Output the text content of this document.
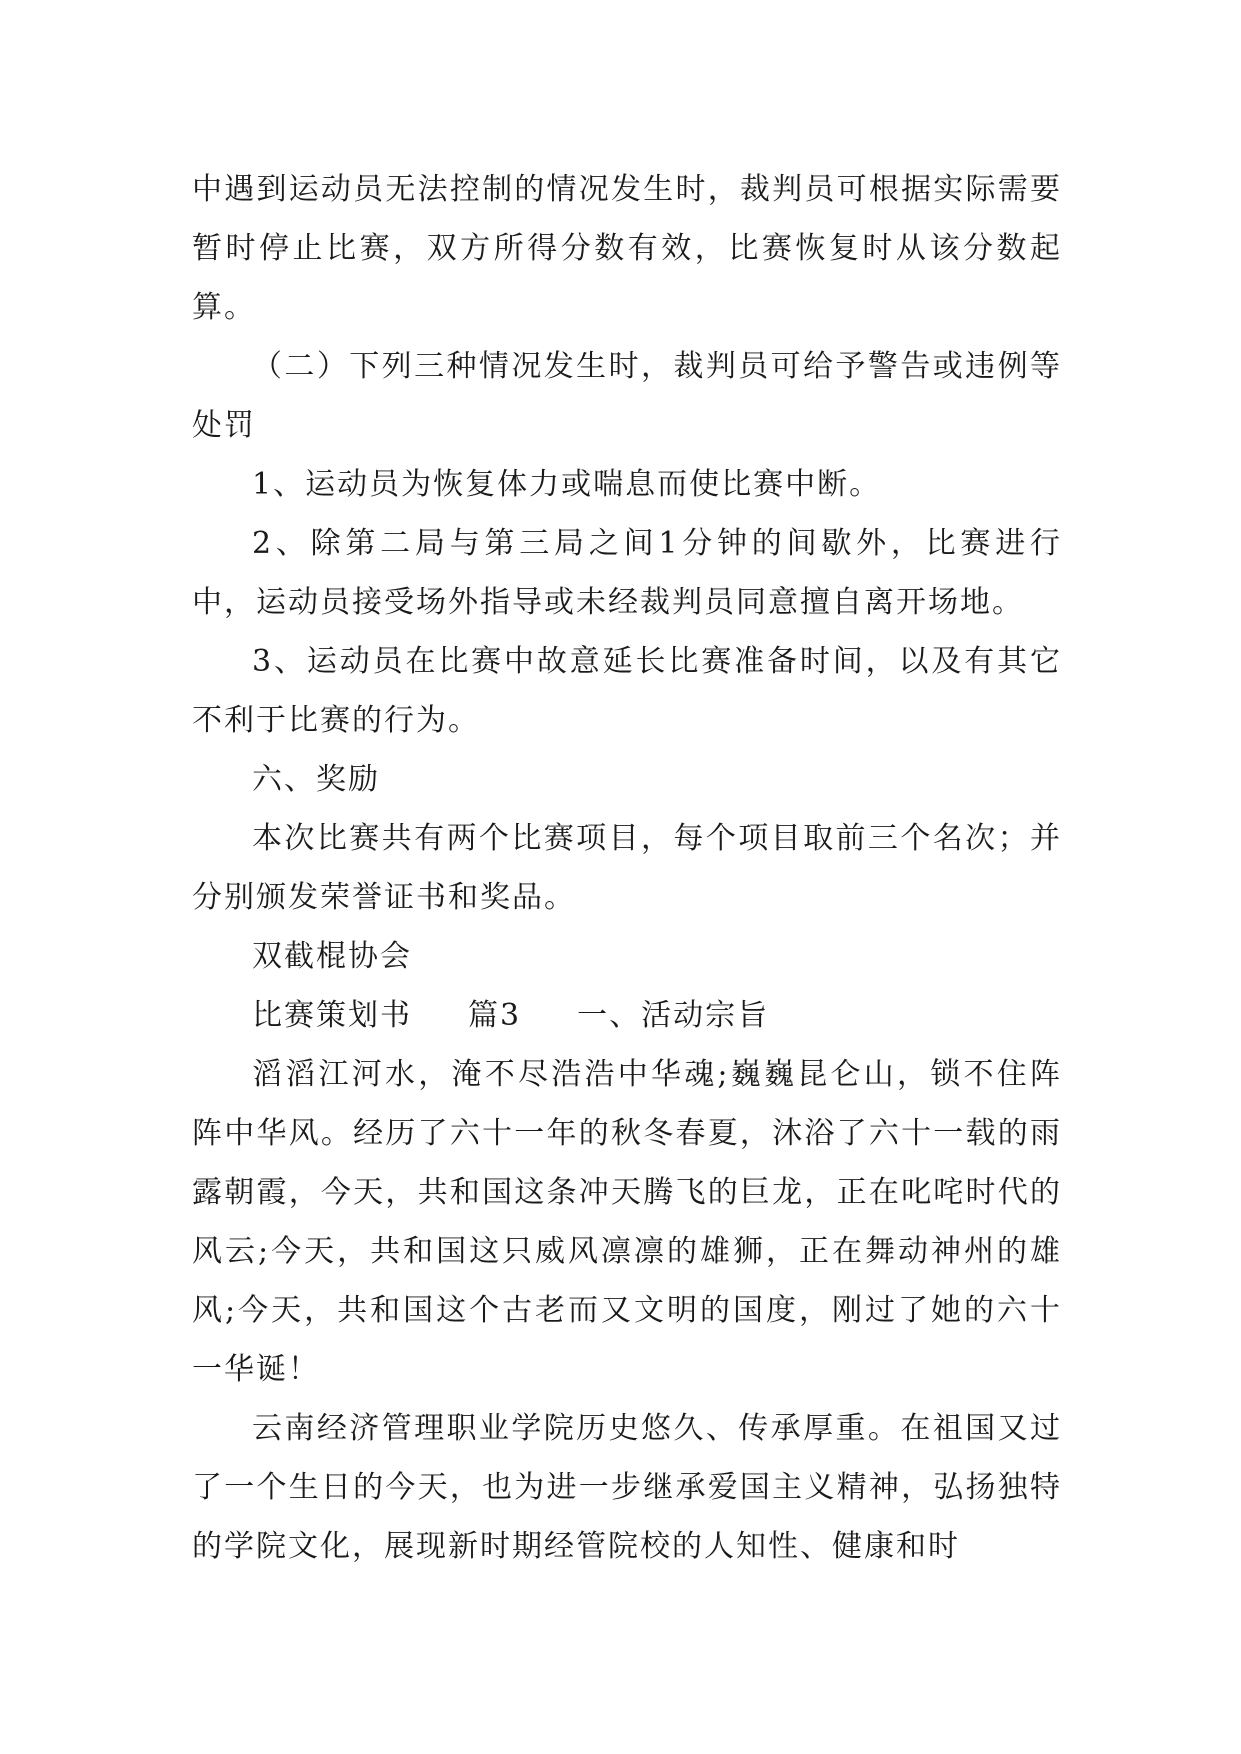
中遇到运动员无法控制的情况发生时，裁判员可根据实际需要暂时停止比赛，双方所得分数有效，比赛恢复时从该分数起算。

（二）下列三种情况发生时，裁判员可给予警告或违例等处罚

1、运动员为恢复体力或喘息而使比赛中断。

2、除第二局与第三局之间1分钟的间歇外，比赛进行中，运动员接受场外指导或未经裁判员同意擅自离开场地。

3、运动员在比赛中故意延长比赛准备时间，以及有其它不利于比赛的行为。

六、奖励

本次比赛共有两个比赛项目，每个项目取前三个名次；并分别颁发荣誉证书和奖品。

双截棍协会

比赛策划书 篇3 一、活动宗旨

滔滔江河水，淹不尽浩浩中华魂;巍巍昆仑山，锁不住阵阵中华风。经历了六十一年的秋冬春夏，沐浴了六十一载的雨露朝霞，今天，共和国这条冲天腾飞的巨龙，正在叱咤时代的风云;今天，共和国这只威风凛凛的雄狮，正在舞动神州的雄风;今天，共和国这个古老而又文明的国度，刚过了她的六十一华诞！

云南经济管理职业学院历史悠久、传承厚重。在祖国又过了一个生日的今天，也为进一步继承爱国主义精神，弘扬独特的学院文化，展现新时期经管院校的人知性、健康和时
